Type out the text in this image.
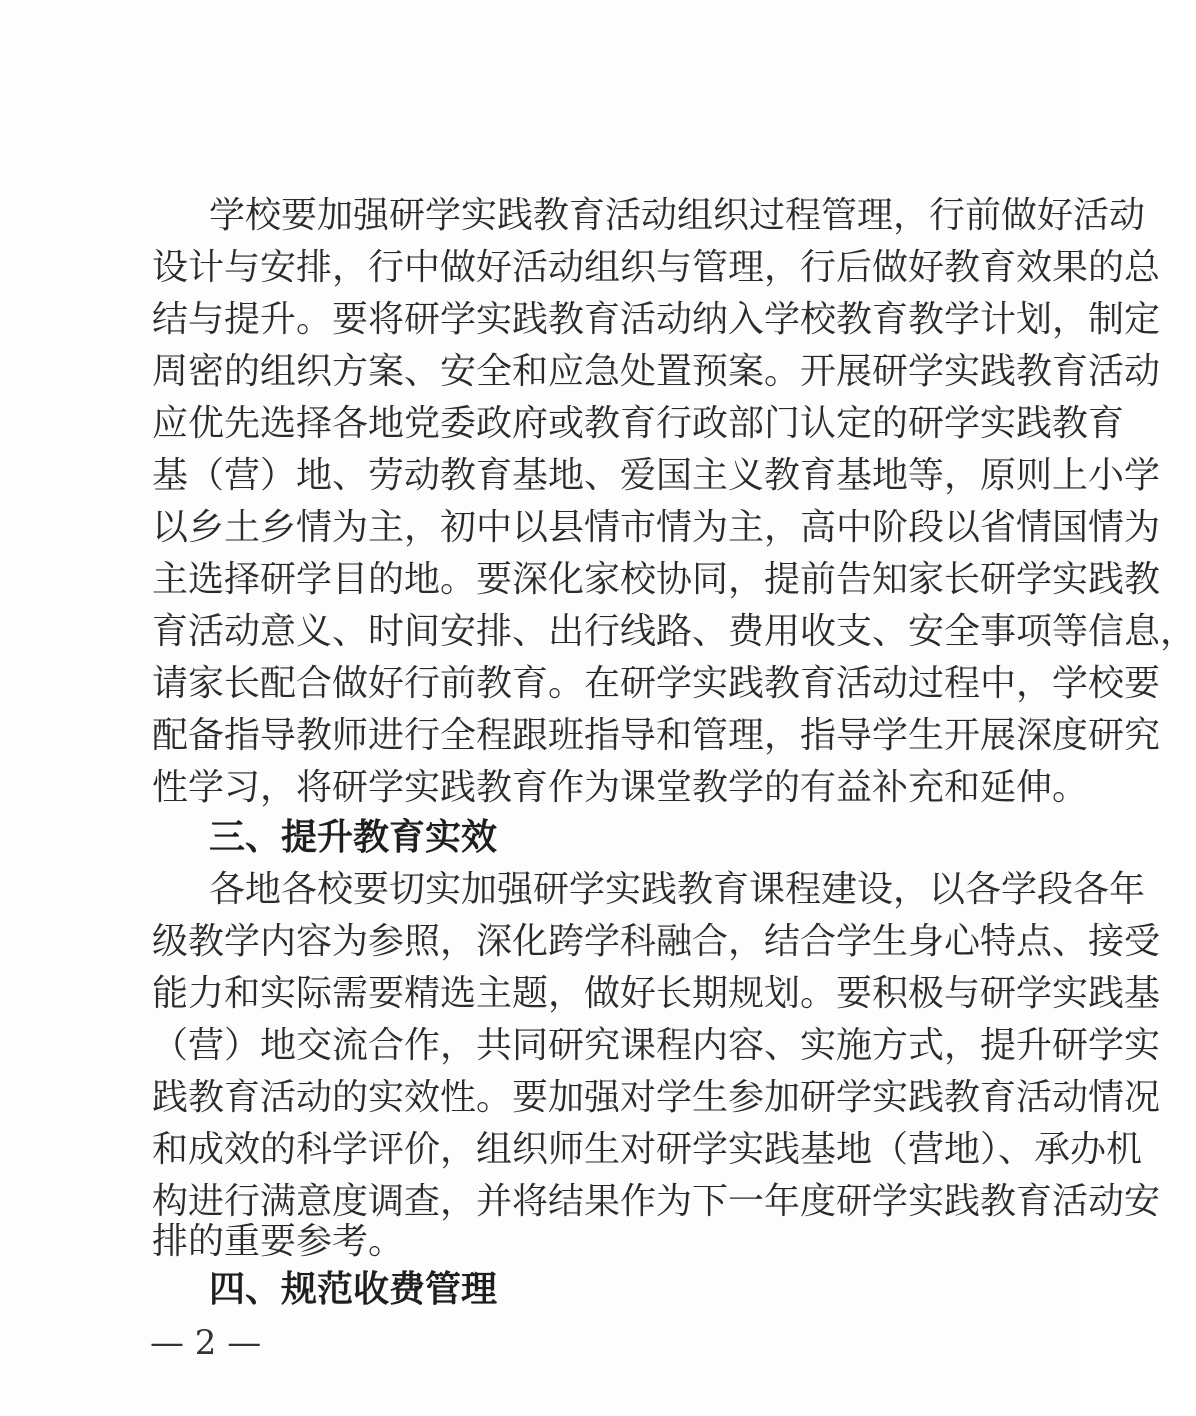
学校要加强研学实践教育活动组织过程管理，行前做好活动
设计与安排，行中做好活动组织与管理，行后做好教育效果的总
结与提升。要将研学实践教育活动纳入学校教育教学计划，制定
周密的组织方案、安全和应急处置预案。开展研学实践教育活动
应优先选择各地党委政府或教育行政部门认定的研学实践教育
基（营）地、劳动教育基地、爱国主义教育基地等，原则上小学
以乡土乡情为主，初中以县情市情为主，高中阶段以省情国情为
主选择研学目的地。要深化家校协同，提前告知家长研学实践教
育活动意义、时间安排、出行线路、费用收支、安全事项等信息，
请家长配合做好行前教育。在研学实践教育活动过程中，学校要
配备指导教师进行全程跟班指导和管理，指导学生开展深度研究
性学习，将研学实践教育作为课堂教学的有益补充和延伸。
三、提升教育实效
各地各校要切实加强研学实践教育课程建设，以各学段各年
级教学内容为参照，深化跨学科融合，结合学生身心特点、接受
能力和实际需要精选主题，做好长期规划。要积极与研学实践基
（营）地交流合作，共同研究课程内容、实施方式，提升研学实
践教育活动的实效性。要加强对学生参加研学实践教育活动情况
和成效的科学评价，组织师生对研学实践基地（营地）、承办机
构进行满意度调查，并将结果作为下一年度研学实践教育活动安
排的重要参考。
四、规范收费管理
— 2 —
